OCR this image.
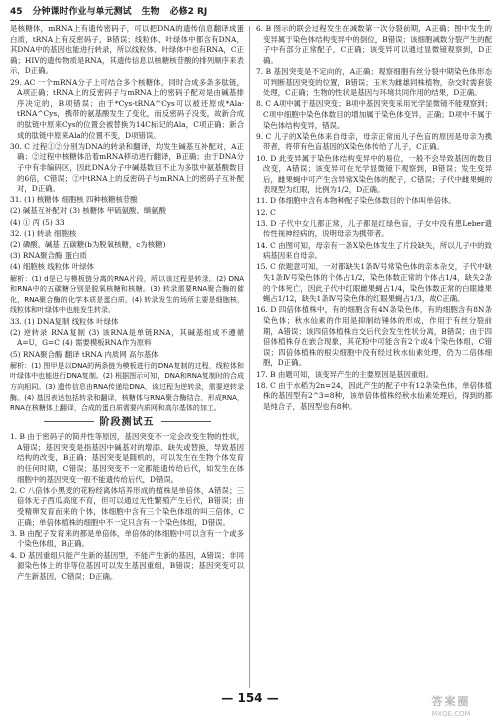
45 分钟课时作业与单元测试 生物 必修2 RJ

是核糖体，mRNA上有遗传密码子，可以把DNA的遗传信息翻译成蛋白质，tRNA上有反密码子，B错误；线粒体、叶绿体中都含有DNA，其DNA中的基因也能进行转录，所以线粒体、叶绿体中也有RNA，C正确；HIV的遗传物质是RNA，其遗传信息以核糖核苷酸的排列顺序来表示，D正确。

29. AC 一个mRNA分子上可结合多个核糖体，同时合成多条多肽链，A项正确；tRNA上的反密码子与mRNA上的密码子配对是由碱基排序决定的，B项错误；由于*Cys-tRNA^Cys可以被还原成*Ala-tRNA^Cys，携带的氨基酸发生了变化，而反密码子没变，故新合成的肽链中原来Cys的位置会被替换为14C标记的Ala，C项正确；新合成的肽链中原来Ala的位置不变，D项错误。

30. C 过程①②分别为DNA的转录和翻译，均发生碱基互补配对，A正确；②过程中核糖体沿着mRNA移动进行翻译，B正确；由于DNA分子中有非编码区，因此DNA分子中碱基数目不止为多肽中氨基酸数目的6倍，C错误；②中tRNA上的反密码子与mRNA上的密码子互补配对，D正确。

31. (1) 核糖体 细胞核 四种核糖核苷酸

(2) 碱基互补配对 (3) 核糖体 甲硫氨酸、缬氨酸

(4) ① 丙 (5) 33

32. (1) 转录 细胞核

(2) 磷酸、碱基 五碳糖(b为脱氧核糖，c为核糖)

(3) RNA聚合酶 蛋白质

(4) 细胞核 线粒体 叶绿体

解析：(1) d是已与模板链分离的RNA片段，所以该过程是转录。(2) DNA和RNA中的五碳糖分别是脱氧核糖和核糖。(3) 转录需要RNA聚合酶的催化，RNA聚合酶的化学本质是蛋白质。(4) 转录发生的场所主要是细胞核，线粒体和叶绿体中也能发生转录。

33. (1) DNA复制 线粒体 叶绿体

(2) 逆转录 RNA复制 (3) 该RNA是单链RNA，其碱基组成不遵循A=U，G=C (4) 需要模板RNA作为原料

(5) RNA聚合酶 翻译 tRNA 内质网 高尔基体

解析：(1) 图甲是以DNA的两条链为模板进行的DNA复制的过程，线粒体和叶绿体中也能进行DNA复制。(2) 根据图示可知，DNA和RNA复制时的合成方向相同。(3) 遗传信息由RNA传递给DNA，该过程为逆转录，需要逆转录酶。(4) 基因表达包括转录和翻译，核糖体与RNA聚合酶结合，形成RNA，RNA在核糖体上翻译，合成的蛋白质需要内质网和高尔基体的加工。

阶段测试五

1. B 由于密码子的简并性等原因，基因突变不一定会改变生物的性状，A错误；基因突变是指基因中碱基对的增添、缺失或替换，导致基因结构的改变，B正确；基因突变是随机的，可以发生在生物个体发育的任何时期，C错误；基因突变不一定都能遗传给后代，如发生在体细胞中的基因突变一般不能遗传给后代，D错误。

2. C 八倍体小黑麦的花粉经离体培养形成的植株是单倍体，A错误；三倍体无子西瓜高度不育，但可以通过无性繁殖产生后代，B错误；由受精卵发育而来的个体，体细胞中含有三个染色体组的叫三倍体，C正确；单倍体植株的细胞中不一定只含有一个染色体组，D错误。

3. B 由配子发育来的都是单倍体，单倍体的体细胞中可以含有一个或多个染色体组，B正确。

4. D 基因重组只能产生新的基因型，不能产生新的基因，A错误；非同源染色体上的非等位基因可以发生基因重组，B错误；基因突变可以产生新基因，C错误；D正确。

6. B 图示的联会过程发生在减数第一次分裂前期，A正确；图中发生的变异属于染色体结构变异中的倒位，B错误；该细胞减数分裂产生的配子中有部分正常配子，C正确；该变异可以通过显微镜观察到，D正确。

7. B 基因突变是不定向的，A正确；观察细胞有丝分裂中期染色体形态可判断基因突变的位置，B错误；玉米为雌雄同株植物，杂交时需套袋处理，C正确；生物的性状是基因与环境共同作用的结果，D正确。

8. C A项中属于基因突变；B项中基因突变采用光学显微镜不能观察到；C项中细胞中染色体数目的增加属于染色体变异，正确；D项中不属于染色体结构变异，错误。

9. C 儿子的X染色体来自母亲，母亲正常而儿子色盲的原因是母亲为携带者，将带有色盲基因的X染色体传给了儿子，C正确。

10. D 此变异属于染色体结构变异中的易位，一般不会导致基因的数目改变，A错误；该变异可在光学显微镜下观察到，B错误；发生变异后，雌果蝇中可产生含异常X染色体的配子，C错误；子代中雌果蝇的表现型为红眼，比例为1/2，D正确。

11. D 体细胞中含有本物种配子染色体数目的个体叫单倍体。

12. C

13. D 子代中女儿都正常，儿子都是红绿色盲，子女中没有患Leber遗传性视神经病的，说明母亲为携带者。

14. C 由图可知，母亲有一条X染色体发生了片段缺失，所以儿子中的致病基因来自母亲。

15. C 依题意可知，一对都缺失1条Ⅳ号常染色体的亲本杂交，子代中缺失1条Ⅳ号染色体的个体占1/2，染色体数正常的个体占1/4，缺失2条的个体死亡，因此子代中红眼雌果蝇占1/4，染色体数正常的白眼雄果蝇占1/12，缺失1条Ⅳ号染色体的红眼果蝇占1/3，故C正确。

16. D 四倍体植株中，有的细胞含有4N条染色体，有的细胞含有8N条染色体；秋水仙素的作用是抑制纺锤体的形成，作用于有丝分裂前期，A错误；该四倍体植株自交后代会发生性状分离，B错误；由于四倍体植株存在嵌合现象，其花粉中可能含有2个或4个染色体组，C错误；四倍体植株的根尖细胞中没有经过秋水仙素处理，仍为二倍体细胞，D正确。

17. B 由题可知，该变异产生的主要原因是基因重组。

18. C 由于水稻为2n=24，因此产生的配子中有12条染色体，单倍体植株的基因型有2^3=8种，该单倍体植株经秋水仙素处理后，得到的都是纯合子，基因型也有8种。

— 154 —	答案圈
MXQE.COM
